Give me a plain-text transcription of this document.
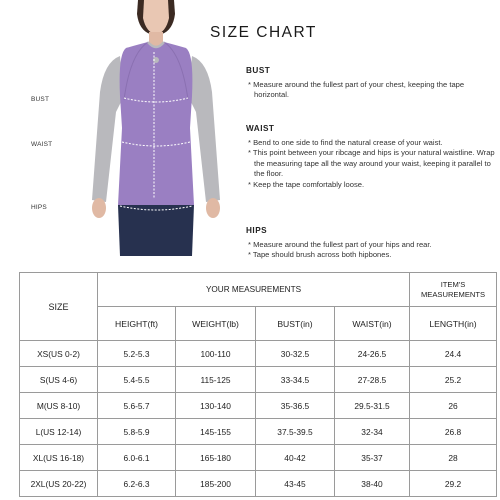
SIZE CHART
BUST
WAIST
HIPS
BUST
* Measure around the fullest part of your chest, keeping the tape horizontal.
WAIST
* Bend to one side to find the natural crease of your waist.
* This point between your ribcage and hips is your natural waistline. Wrap the measuring tape all the way around your waist, keeping it parallel to the floor.
* Keep the tape comfortably loose.
HIPS
* Measure around the fullest part of your hips and rear.
* Tape should brush across both hipbones.
SIZE	YOUR MEASUREMENTS				ITEM'S
MEASUREMENTS

	HEIGHT(ft)	WEIGHT(lb)	BUST(in)	WAIST(in)	LENGTH(in)
XS(US 0-2)	5.2-5.3	100-110	30-32.5	24-26.5	24.4
S(US 4-6)	5.4-5.5	115-125	33-34.5	27-28.5	25.2
M(US 8-10)	5.6-5.7	130-140	35-36.5	29.5-31.5	26
L(US 12-14)	5.8-5.9	145-155	37.5-39.5	32-34	26.8
XL(US 16-18)	6.0-6.1	165-180	40-42	35-37	28
2XL(US 20-22)	6.2-6.3	185-200	43-45	38-40	29.2
